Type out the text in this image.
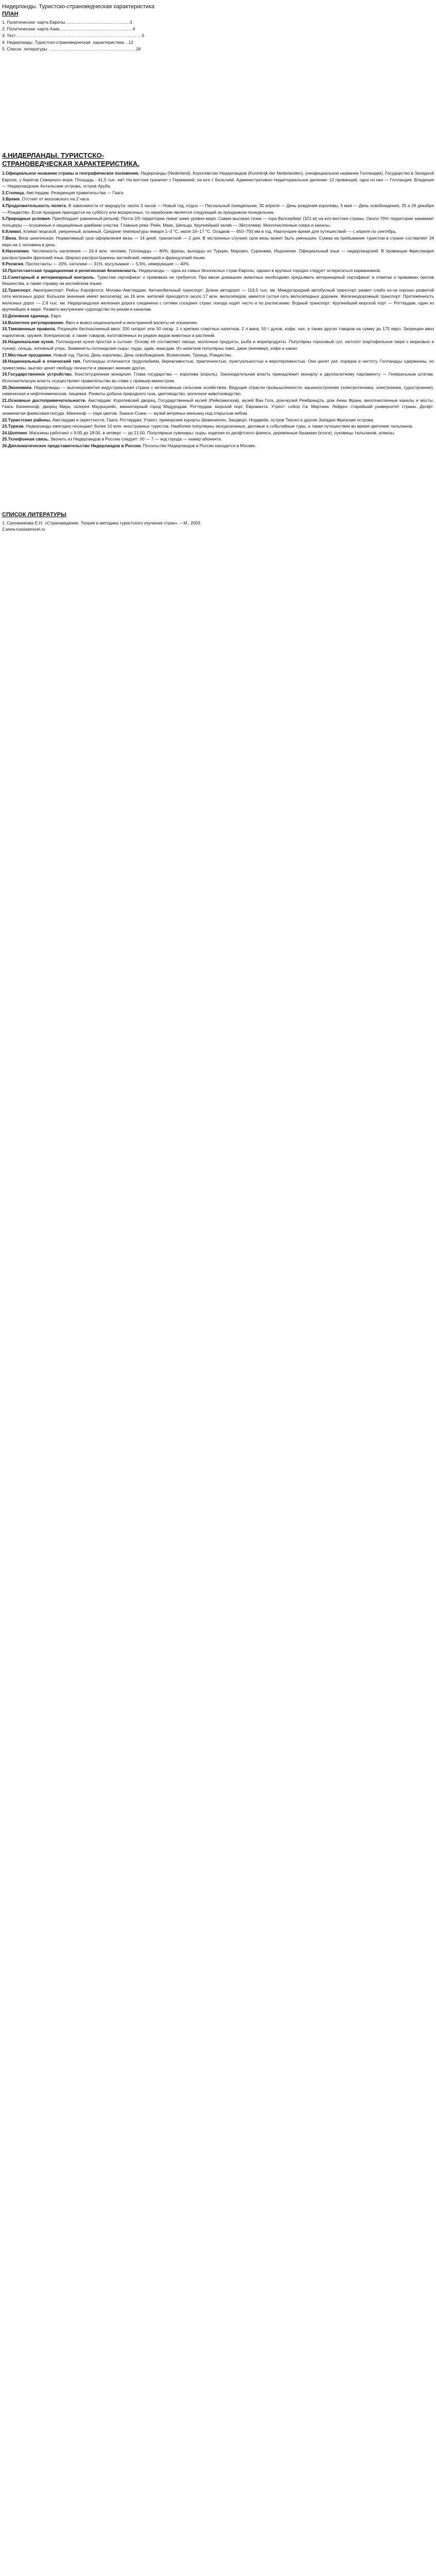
Нидерланды. Туристско-страноведческая характеристика
ПЛАН
1. Политическая  карта Европы………………………………………3
2. Политическая  карта Азии……………………………………………4
3. Тест…………………………………………………………………………….5
4. Нидерланды. Туристско-страноведческая  характеристика…12
5. Список  литературы  ……………………………………………………18
4.НИДЕРЛАНДЫ. ТУРИСТСКО-СТРАНОВЕДЧЕСКАЯ ХАРАКТЕРИСТИКА.
1.Официальное название страны и географическое положение. Нидерланды (Nederland), Королевство Нидерландов (Koninkrijk der Nederlanden), (неофициальное название Голландия). Государство в Западной Европе, у берегов Северного моря. Площадь - 41,5 тыс. км²; На востоке граничит с Германией, на юге с Бельгией. Административно-территориальное деление: 12 провинций, одна из них — Голландия. Владения — Нидерландские Антильские острова, остров Аруба.
2.Столица. Амстердам. Резиденция правительства — Гаага.
3.Время. Отстает от московского на 2 часа.
4.Продолжительность полета. В зависимости от маршрута: около 3 часов — Новый год, отдых — Пасхальный понедельник, 30 апреля — День рождения королевы, 5 мая — День освобождения, 25 и 26 декабря — Рождество. Если праздник приходится на субботу или воскресенье, то нерабочим является следующий за праздником понедельник.
5.Природные условия. Преобладает равнинный рельеф. Почти 2/5 территории лежат ниже уровня моря. Самая высокая точка — гора Валсерберг (321 м) на юго-востоке страны. Около 70% территории занимают польдеры — осушенные и защищённые дамбами участки. Главные реки: Рейн, Маас, Шельда. Крупнейший залив — Эйсселмер. Многочисленные озера и каналы.
6.Климат. Климат морской, умеренный, влажный. Средние температуры января 1–3 °C, июля 16–17 °C. Осадков — 650–750 мм в год. Наилучшее время для путешествий — с апреля по сентябрь.
7.Виза. Виза шенгенская. Нормативный срок оформления визы — 14 дней, транзитной — 2 дня. В экстренных случаях срок визы может быть уменьшен. Сумма на пребывание туристом в стране составляет 34 евро на 1 человека в день.
8.Население. Численность населения — 16,4 млн. человек. Голландцы — 80%, фризы, выходцы из Турции, Марокко, Суринама, Индонезии. Официальный язык — нидерландский. В провинции Фрисландия распространён фризский язык. Широко распространены английский, немецкий и французский языки.
9.Религия. Протестанты — 20%, католики — 31%, мусульмане — 5,5%, неверующие — 40%.
10.Протестантская традиционная и религиозная безопасность. Нидерланды — одна из самых безопасных стран Европы, однако в крупных городах следует остерегаться карманников.
11.Санитарный и ветеринарный контроль. Туристам сертификат о прививках не требуется. При ввозе домашних животных необходимо предъявить ветеринарный сертификат и отметки о прививках против бешенства, а также справку на английском языке.
12.Транспорт. Авиатранспорт: Рейсы Аэрофлота: Москва–Амстердам. Автомобильный транспорт: Длина автодорог — 116,5 тыс. км. Междугородний автобусный транспорт развит слабо из-за хорошо развитой сети железных дорог. Большое значение имеет велосипед: на 16 млн. жителей приходится около 17 млн. велосипедов, имеется густая сеть велосипедных дорожек. Железнодорожный транспорт: Протяжённость железных дорог — 2,8 тыс. км. Нидерландская железная дорога соединена с сетями соседних стран; поезда ходят часто и по расписанию. Водный транспорт: Крупнейший морской порт — Роттердам, один из крупнейших в мире. Развито внутреннее судоходство по рекам и каналам.
13.Денежная единица. Евро.
14.Валютное регулирование. Ввоз и вывоз национальной и иностранной валюты не ограничен.
15.Таможенные правила. Разрешён беспошлинный ввоз: 200 сигарет или 50 сигар, 1 л крепких спиртных напитков, 2 л вина, 50 г духов, кофе, чая, а также других товаров на сумму до 175 евро. Запрещен ввоз наркотиков, оружия, боеприпасов, а также товаров, изготовленных из редких видов животных и растений.
16.Национальная кухня. Голландская кухня простая и сытная. Основу её составляют овощи, молочные продукты, рыба и морепродукты. Популярны гороховый суп, хютспот (картофельное пюре с морковью и луком), сельдь, копчёный угорь. Знамениты голландские сыры: гауда, эдам, маасдам. Из напитков популярны пиво, джин (женевер), кофе и какао.
17.Местные праздники. Новый год, Пасха, День королевы, День освобождения, Вознесение, Троица, Рождество.
18.Национальный и этнический тип. Голландцы отличаются трудолюбием, бережливостью, практичностью, пунктуальностью и веротерпимостью. Они ценят уют, порядок и чистоту. Голландцы сдержанны, но приветливы, высоко ценят свободу личности и уважают мнение других.
19.Государственное устройство. Конституционная монархия. Глава государства — королева (король). Законодательная власть принадлежит монарху и двухпалатному парламенту — Генеральным штатам. Исполнительную власть осуществляет правительство во главе с премьер-министром.
20.Экономика. Нидерланды — высокоразвитая индустриальная страна с интенсивным сельским хозяйством. Ведущие отрасли промышленности: машиностроение (электротехника, электроника, судостроение), химическая и нефтехимическая, пищевая. Развиты добыча природного газа, цветоводство, молочное животноводство.
21.Основные достопримечательности. Амстердам: Королевский дворец, Государственный музей (Рейксмюсеум), музей Ван Гога, дом-музей Рембрандта, дом Анны Франк, многочисленные каналы и мосты. Гаага: Бинненхоф, дворец Мира, галерея Маурицхейс, миниатюрный город Мадуродам. Роттердам: морской порт, Евромачта. Утрехт: собор Св. Мартина. Лейден: старейший университет страны. Делфт: знаменитая фаянсовая посуда. Кёкенхоф — парк цветов. Заансе-Сханс — музей ветряных мельниц под открытым небом.
22.Туристские районы. Амстердам и окрестности, Гаага, Роттердам, Утрехт, приморские курорты Шевенинген, Зандворт, Нордвейк, остров Тексел и другие Западно-Фризские острова.
23.Туризм. Нидерланды ежегодно посещают более 10 млн. иностранных туристов. Наиболее популярны экскурсионные, деловые и событийные туры, а также путешествия во время цветения тюльпанов.
24.Шоппинг. Магазины работают с 9:00 до 18:00, в четверг — до 21:00. Популярные сувениры: сыры, изделия из делфтского фаянса, деревянные башмаки (клоги), луковицы тюльпанов, алмазы.
25.Телефонная связь. Звонить из Нидерландов в Россию следует: 00 — 7 — код города — номер абонента.
26.Дипломатическое представительство Нидерландов в России. Посольство Нидерландов в России находится в Москве.
СПИСОК ЛИТЕРАТУРЫ
1. Сапожникова Е.Н. «Страноведение. Теория и методика туристского изучения стран». – М., 2003.
2.www.russiastravel.ru
